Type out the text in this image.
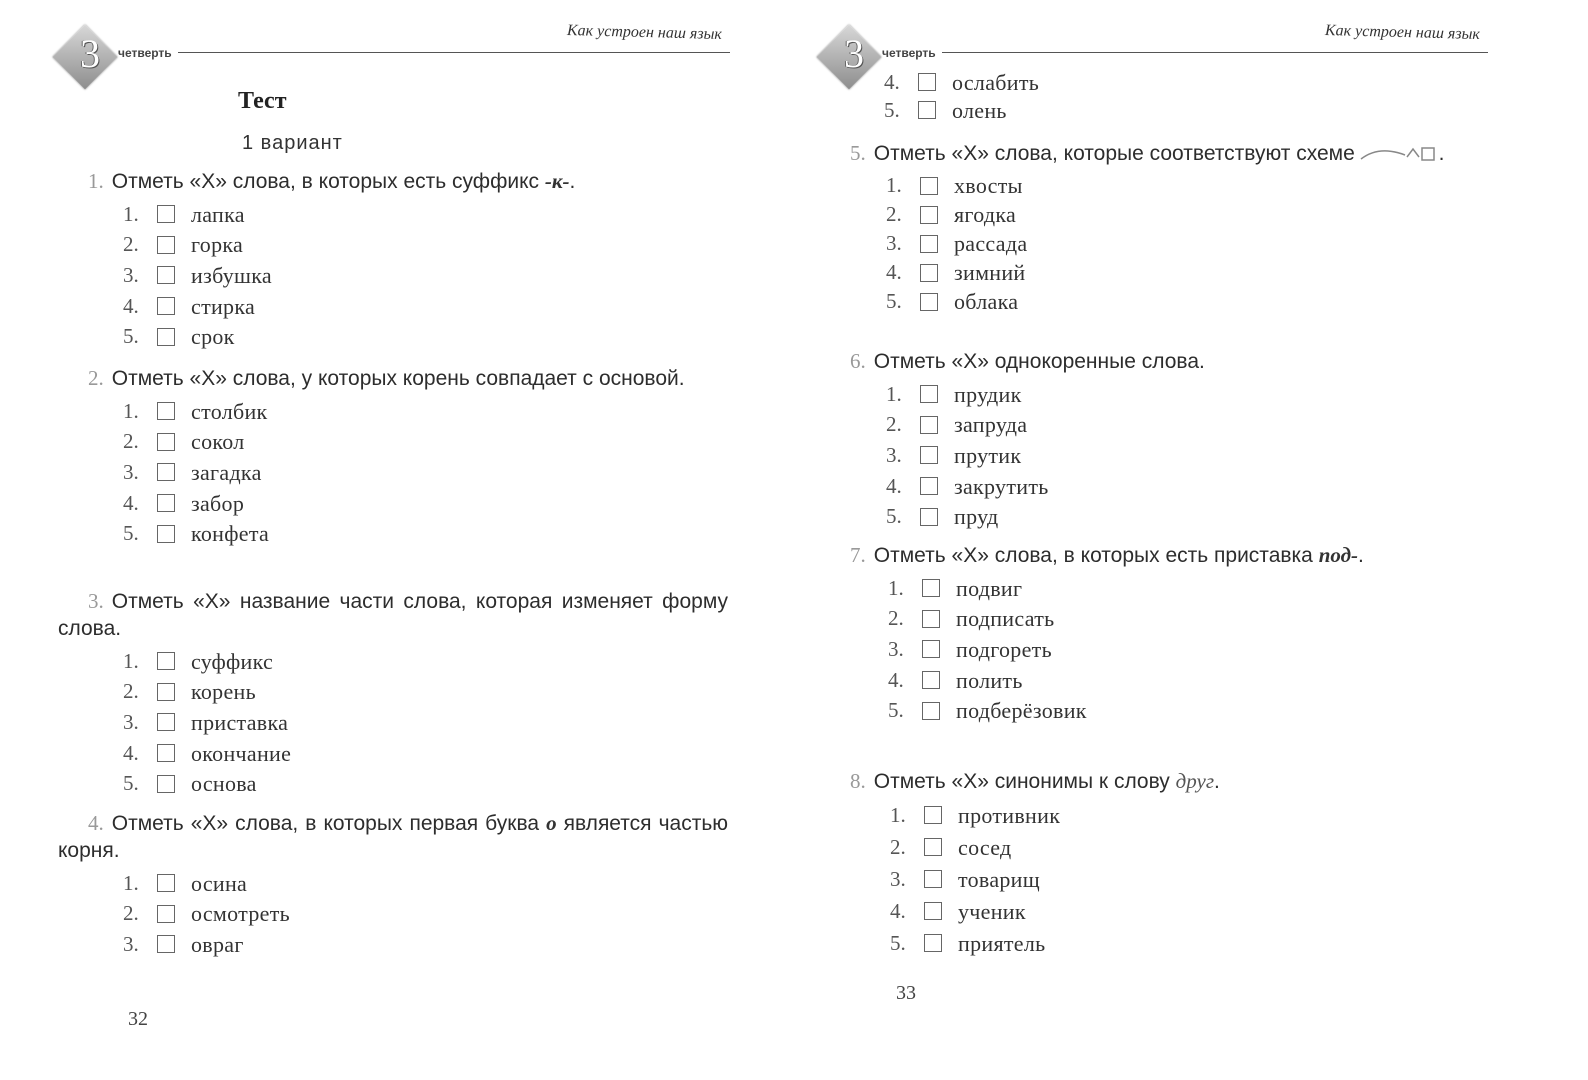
3	четверть
Как устроен наш язык
Тест
1 вариант
1. Отметь «Х» слова, в которых есть суффикс -к-.
1.	лапка
2.	горка
3.	избушка
4.	стирка
5.	срок
2. Отметь «Х» слова, у которых корень совпадает с основой.
1.	столбик
2.	сокол
3.	загадка
4.	забор
5.	конфета
3. Отметь «Х» название части слова, которая изменяет форму слова.
1.	суффикс
2.	корень
3.	приставка
4.	окончание
5.	основа
4. Отметь «Х» слова, в которых первая буква о является частью корня.
1.	осина
2.	осмотреть
3.	овраг
32
3	четверть
Как устроен наш язык
4.	ослабить
5.	олень
5. Отметь «Х» слова, которые соответствуют схеме	.
1.	хвосты
2.	ягодка
3.	рассада
4.	зимний
5.	облака
6. Отметь «Х» однокоренные слова.
1.	прудик
2.	запруда
3.	прутик
4.	закрутить
5.	пруд
7. Отметь «Х» слова, в которых есть приставка под-.
1.	подвиг
2.	подписать
3.	подгореть
4.	полить
5.	подберёзовик
8. Отметь «Х» синонимы к слову друг.
1.	противник
2.	сосед
3.	товарищ
4.	ученик
5.	приятель
33
